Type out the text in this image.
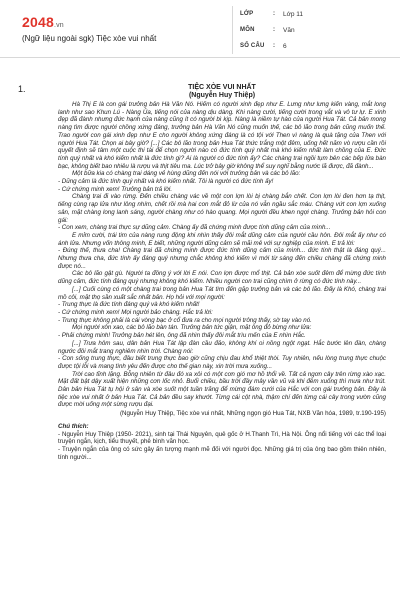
2048.vn
(Ngữ liệu ngoài sgk) Tiệc xòe vui nhất
LỚP	:	Lớp 11
MÔN	:	Văn
SỐ CÂU	:	6
1.	TIỆC XÒE VUI NHẤT
(Nguyễn Huy Thiệp)
Hà Thị E là con gái trưởng bản Hà Văn Nó. Hiếm có người xinh đẹp như E. Lưng như lưng kiến vàng, mắt long lanh như sao Khun Lú - Nàng Ủa, tiếng nói của nàng dịu dàng. Khi nàng cười, tiếng cười trong vắt và vô tư lự. E xinh đẹp đã đành nhưng đức hạnh của nàng cũng ít có người bì kịp. Nàng là niềm tự hào của người Hua Tát. Cả bản mong nàng tìm được người chồng xứng đáng, trưởng bản Hà Văn Nó cũng muốn thế, các bô lão trong bản cũng muốn thế. Trao người con gái xinh đẹp như E cho người không xứng đáng là có tội với Then vì nàng là quà tặng của Then với người Hua Tát. Chọn ai bây giờ? [...] Các bô lão trong bản Hua Tát thức trắng một đêm, uống hết năm vò rượu cần rồi quyết định sẽ tâm một cuộc thi tài để chọn người nào có đức tính quý nhất mà khó kiếm nhất làm chồng của E. Đức tính quý nhất và khó kiếm nhất là đức tính gì? Ai là người có đức tính ấy? Các chàng trai ngồi tụm bên các bếp lửa bàn bạc, không biết bao nhiêu là rượu và thịt tiêu ma. Lúc trở bây giờ không thể suy nghĩ bằng nước lã được, đã đành...
Một bữa kia có chàng trai dáng vẻ hùng dũng đến nói với trưởng bản và các bô lão:
- Dũng cảm là đức tính quý nhất và khó kiếm nhất. Tôi là người có đức tính ấy!
- Cứ chứng minh xem! Trưởng bản trả lời.
Chàng trai đi vào rừng. Đến chiều chàng vác về một con lợn lòi bị chàng bắn chết. Con lợn lòi đen hơn tạ thịt, tiếng cùng rạp lửa như lông nhím, chết rồi mà hai con mắt đỏ lừ của nó vẫn ngầu sắc máu. Chàng vứt con lợn xuống sân, mặt chàng long lanh sáng, người chàng như có hào quang. Mọi người đều khen ngợi chàng. Trưởng bản hỏi con gái:
- Con xem, chàng trai thực sự dũng cảm. Chàng ấy đã chứng minh được tính dũng cảm của mình...
E mỉm cười, trái tim của nàng rung động khi nhìn thấy đôi mắt dũng cảm của người cầu hôn. Đôi mắt ấy như có ánh lửa. Nhưng vốn thông minh, E biết, những người dũng cảm sẽ mãi mê với sự nghiệp của mình. E trả lời:
- Đúng thế, thưa cha! Chàng trai đã chứng minh được đức tính dũng cảm của mình... đức tính thật là đáng quý... Nhưng thưa cha, đức tính ấy đáng quý nhưng chắc không khó kiếm vì mới từ sáng đến chiều chàng đã chứng minh được nó...
Các bô lão gật gù. Người ta đồng ý với lời E nói. Con lợn được mổ thịt. Cả bản xòe suốt đêm để mừng đức tính dũng cảm, đức tính đáng quý nhưng không khó kiếm. Nhiều người con trai cũng chìm ở rừng có đức tính này...
[...] Cuối cùng có một chàng trai trong bản Hua Tát tìm đến gặp trưởng bản và các bô lão. Đấy là Khó, chàng trai mồ côi, mặt thọ sần xuất sắc nhất bản. Họ hỏi với mọi người:
- Trung thực là đức tính đáng quý và khó kiếm nhất!
- Cứ chứng minh xem! Mọi người bảo chàng. Hắc trả lời:
- Trung thực không phải là cái vòng bạc ở cổ đưa ra cho mọi người trông thấy, sờ tay vào nó.
Mọi người xôn xao, các bô lão bàn tán. Trưởng bản tức giận, mặt ông đỏ bừng như lửa:
- Phải chứng minh! Trưởng bản hét lên, ông đã nhìn thấy đôi mắt trìu mến của E nhìn Hắc.
[...] Trưa hôm sau, dân bản Hua Tát lập đàn cầu đảo, không khí oi nồng ngột ngạt. Hắc bước lên đàn, chàng ngước đôi mắt trang nghiêm nhìn trời. Chàng nói:
- Con sống trung thực, đâu biết trung thực bao giờ cũng chịu đau khổ thiệt thòi. Tuy nhiên, nếu lòng trung thực chuộc được tội lỗi và mang tình yêu đến được cho thế gian này, xin trời mưa xuống...
Trời cao tĩnh lặng. Bỗng nhiên từ đâu đó xa xôi có một cơn gió mơ hồ thổi về. Tất cả ngơn cây trên rừng xào xạc. Mặt đất bật dậy xuất hiện những cơn lốc nhỏ. Buổi chiều, bầu trời đầy mây vần vũ và khi đêm xuống thì mưa như trút. Dân bản Hua Tát tụ hội ở sân và xòe suốt một tuần trăng để mừng đám cưới của Hắc với con gái trưởng bản. Đây là tiệc xòe vui nhất ở bản Hua Tát. Cả bản đều say khướt. Từng cái cột nhà, thậm chí đến từng cái cây trong vườn cũng được mời uống một sừng rượu đại.
(Nguyễn Huy Thiệp, Tiệc xòe vui nhất, Những ngọn gió Hua Tát, NXB Văn hóa, 1989, tr.190-195)
Chú thích:
- Nguyễn Huy Thiệp (1950- 2021), sinh tại Thái Nguyên, quê gốc ở H.Thanh Trì, Hà Nội. Ông nổi tiếng với các thể loại truyện ngắn, kịch, tiểu thuyết, phê bình văn học.
- Truyện ngắn của ông có sức gây ấn tượng mạnh mẽ đối với người đọc. Những giá trị của ông bao gồm thiên nhiên, tính người...
